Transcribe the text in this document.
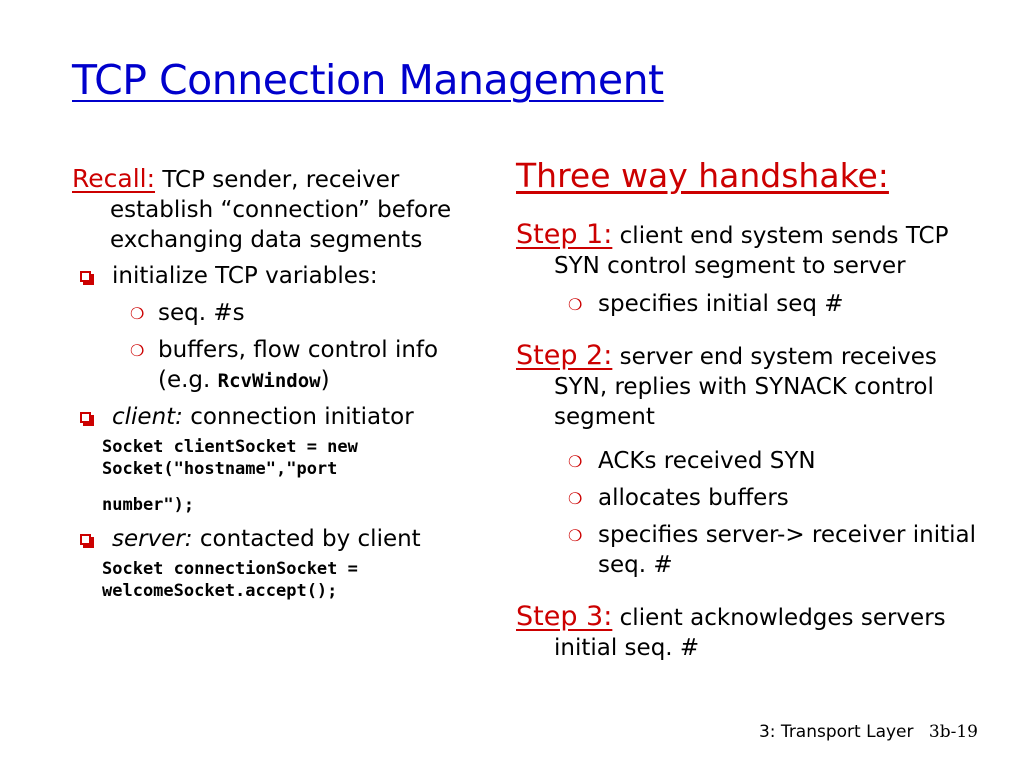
TCP Connection Management
Recall: TCP sender, receiver establish “connection” before exchanging data segments
initialize TCP variables:
❍ seq. #s
❍ buffers, flow control info (e.g. RcvWindow)
client: connection initiator
Socket clientSocket = new
Socket("hostname","port
number");
server: contacted by client
Socket connectionSocket =
welcomeSocket.accept();
Three way handshake:
Step 1: client end system sends TCP SYN control segment to server
❍ specifies initial seq #
Step 2: server end system receives SYN, replies with SYNACK control segment
❍ ACKs received SYN
❍ allocates buffers
❍ specifies server-> receiver initial seq. #
Step 3: client acknowledges servers initial seq. #
3: Transport Layer 3b-19
